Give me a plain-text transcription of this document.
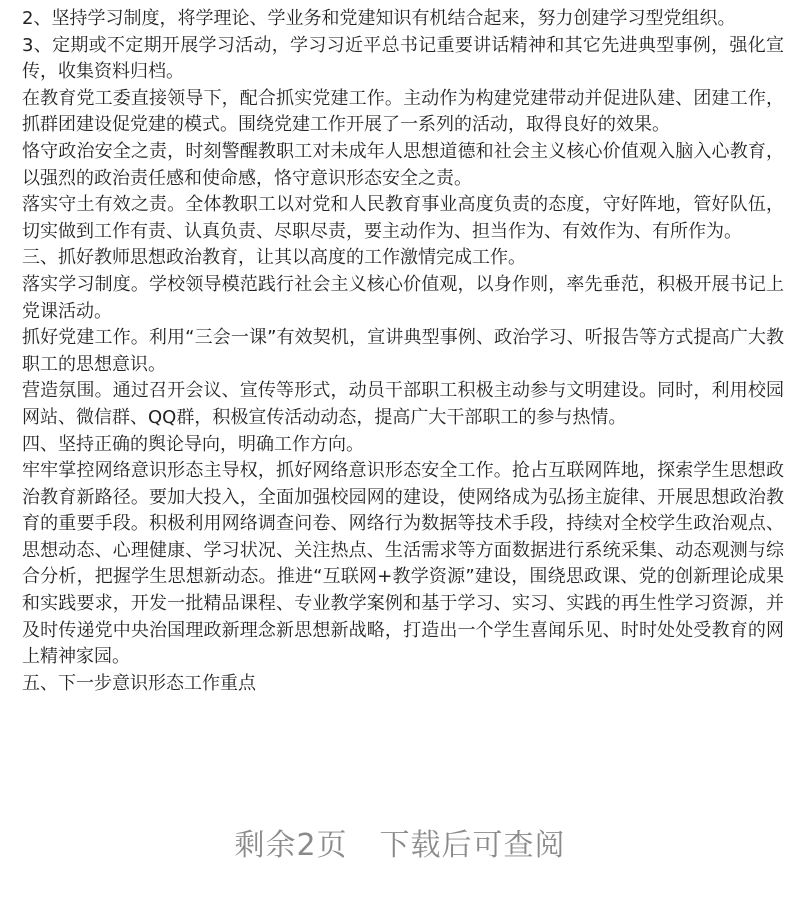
2、坚持学习制度，将学理论、学业务和党建知识有机结合起来，努力创建学习型党组织。

3、定期或不定期开展学习活动，学习习近平总书记重要讲话精神和其它先进典型事例，强化宣传，收集资料归档。

在教育党工委直接领导下，配合抓实党建工作。主动作为构建党建带动并促进队建、团建工作，抓群团建设促党建的模式。围绕党建工作开展了一系列的活动，取得良好的效果。

恪守政治安全之责，时刻警醒教职工对未成年人思想道德和社会主义核心价值观入脑入心教育，以强烈的政治责任感和使命感，恪守意识形态安全之责。

落实守土有效之责。全体教职工以对党和人民教育事业高度负责的态度，守好阵地，管好队伍，切实做到工作有责、认真负责、尽职尽责，要主动作为、担当作为、有效作为、有所作为。

三、抓好教师思想政治教育，让其以高度的工作激情完成工作。

落实学习制度。学校领导模范践行社会主义核心价值观，以身作则，率先垂范，积极开展书记上党课活动。

抓好党建工作。利用“三会一课”有效契机，宣讲典型事例、政治学习、听报告等方式提高广大教职工的思想意识。

营造氛围。通过召开会议、宣传等形式，动员干部职工积极主动参与文明建设。同时，利用校园网站、微信群、QQ群，积极宣传活动动态，提高广大干部职工的参与热情。

四、坚持正确的舆论导向，明确工作方向。

牢牢掌控网络意识形态主导权，抓好网络意识形态安全工作。抢占互联网阵地，探索学生思想政治教育新路径。要加大投入，全面加强校园网的建设，使网络成为弘扬主旋律、开展思想政治教育的重要手段。积极利用网络调查问卷、网络行为数据等技术手段，持续对全校学生政治观点、思想动态、心理健康、学习状况、关注热点、生活需求等方面数据进行系统采集、动态观测与综合分析，把握学生思想新动态。推进“互联网+教学资源”建设，围绕思政课、党的创新理论成果和实践要求，开发一批精品课程、专业教学案例和基于学习、实习、实践的再生性学习资源，并及时传递党中央治国理政新理念新思想新战略，打造出一个学生喜闻乐见、时时处处受教育的网上精神家园。

五、下一步意识形态工作重点

剩余2页 下载后可查阅
